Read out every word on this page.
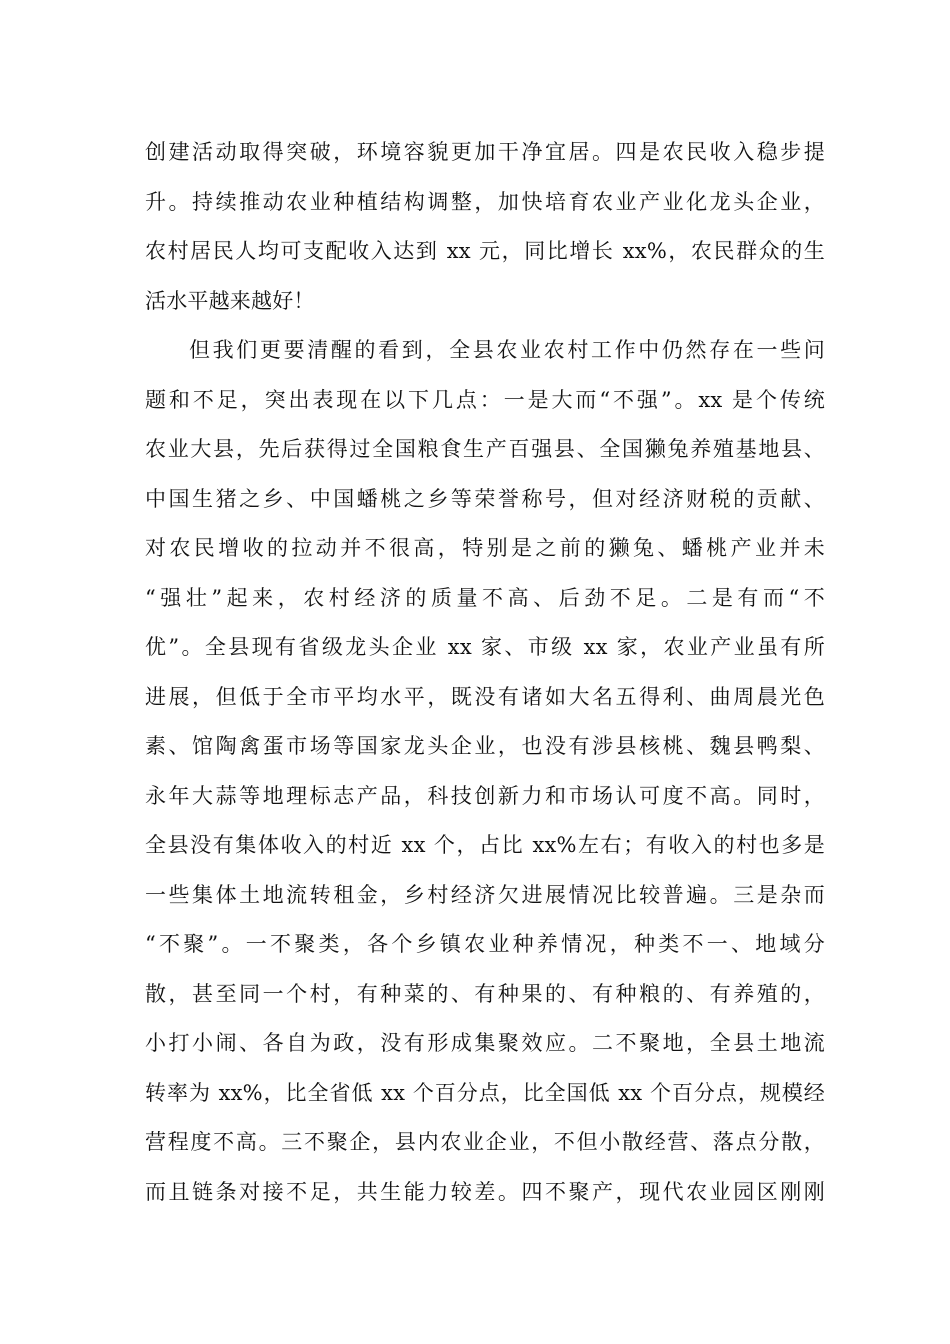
创建活动取得突破，环境容貌更加干净宜居。四是农民收入稳步提
升。持续推动农业种植结构调整，加快培育农业产业化龙头企业，
农村居民人均可支配收入达到 xx 元，同比增长 xx%，农民群众的生
活水平越来越好！
但我们更要清醒的看到，全县农业农村工作中仍然存在一些问
题和不足，突出表现在以下几点：一是大而“不强”。xx 是个传统
农业大县，先后获得过全国粮食生产百强县、全国獭兔养殖基地县、
中国生猪之乡、中国蟠桃之乡等荣誉称号，但对经济财税的贡献、
对农民增收的拉动并不很高，特别是之前的獭兔、蟠桃产业并未
“强壮”起来，农村经济的质量不高、后劲不足。二是有而“不
优”。全县现有省级龙头企业 xx 家、市级 xx 家，农业产业虽有所
进展，但低于全市平均水平，既没有诸如大名五得利、曲周晨光色
素、馆陶禽蛋市场等国家龙头企业，也没有涉县核桃、魏县鸭梨、
永年大蒜等地理标志产品，科技创新力和市场认可度不高。同时，
全县没有集体收入的村近 xx 个，占比 xx%左右；有收入的村也多是
一些集体土地流转租金，乡村经济欠进展情况比较普遍。三是杂而
“不聚”。一不聚类，各个乡镇农业种养情况，种类不一、地域分
散，甚至同一个村，有种菜的、有种果的、有种粮的、有养殖的，
小打小闹、各自为政，没有形成集聚效应。二不聚地，全县土地流
转率为 xx%，比全省低 xx 个百分点，比全国低 xx 个百分点，规模经
营程度不高。三不聚企，县内农业企业，不但小散经营、落点分散，
而且链条对接不足，共生能力较差。四不聚产，现代农业园区刚刚
